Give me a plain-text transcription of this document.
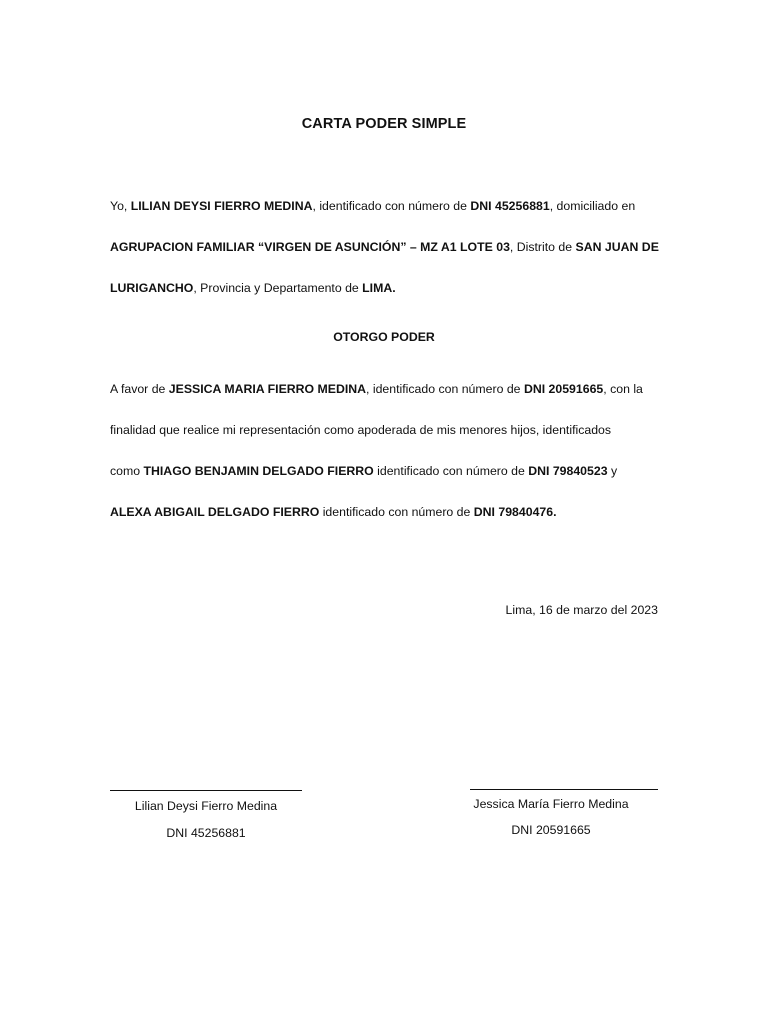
CARTA PODER SIMPLE
Yo, LILIAN DEYSI FIERRO MEDINA, identificado con número de DNI 45256881, domiciliado en
AGRUPACION FAMILIAR “VIRGEN DE ASUNCIÓN” – MZ A1 LOTE 03, Distrito de SAN JUAN DE
LURIGANCHO, Provincia y Departamento de LIMA.
OTORGO PODER
A favor de JESSICA MARIA FIERRO MEDINA, identificado con número de DNI 20591665, con la
finalidad que realice mi representación como apoderada de mis menores hijos, identificados
como THIAGO BENJAMIN DELGADO FIERRO identificado con número de DNI 79840523 y
ALEXA ABIGAIL DELGADO FIERRO identificado con número de DNI 79840476.
Lima, 16 de marzo del 2023
Lilian Deysi Fierro Medina
DNI 45256881
Jessica María Fierro Medina
DNI 20591665
